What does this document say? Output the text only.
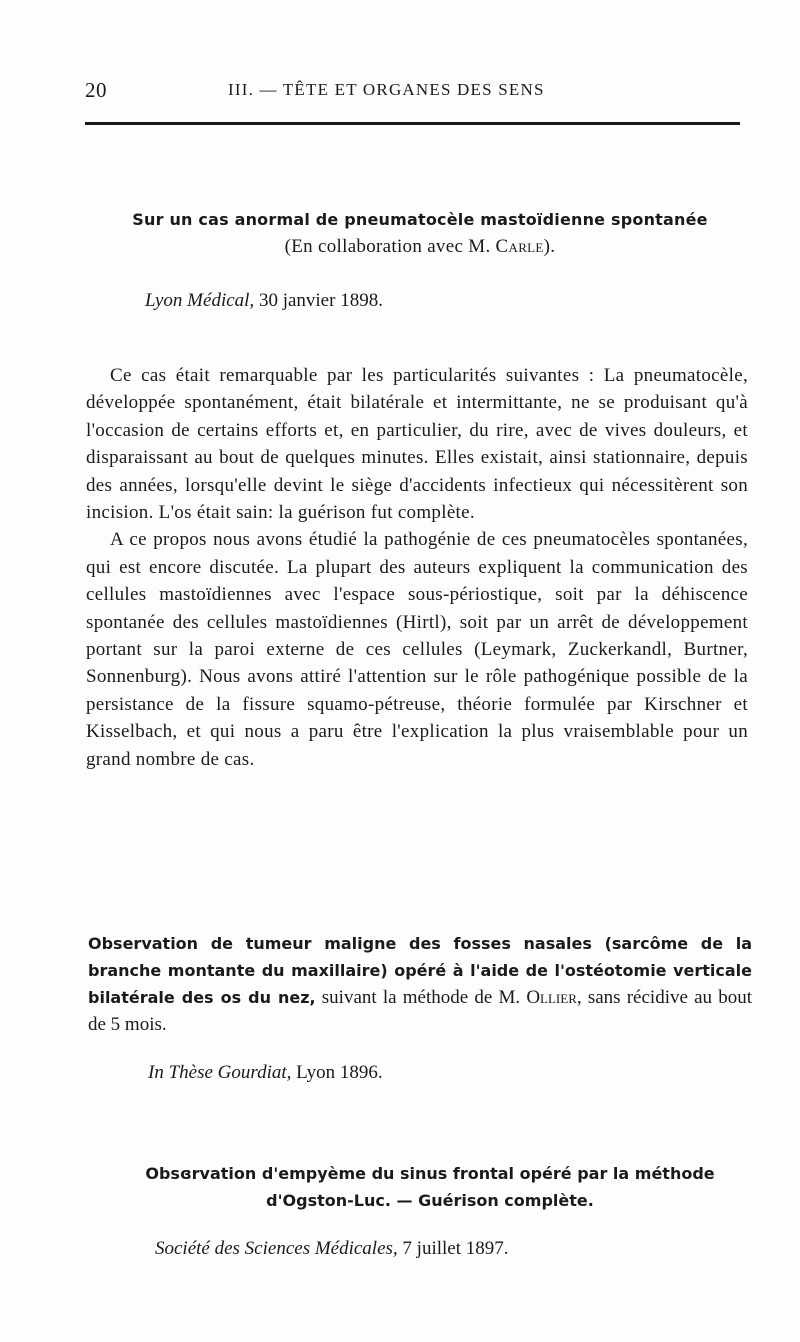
20	III. — TÊTE ET ORGANES DES SENS
Sur un cas anormal de pneumatocèle mastoïdienne spontanée
(En collaboration avec M. Carle).
Lyon Médical, 30 janvier 1898.

Ce cas était remarquable par les particularités suivantes : La pneumatocèle, développée spontanément, était bilatérale et intermittante, ne se produisant qu'à l'occasion de certains efforts et, en particulier, du rire, avec de vives douleurs, et disparaissant au bout de quelques minutes. Elles existait, ainsi stationnaire, depuis des années, lorsqu'elle devint le siège d'accidents infectieux qui nécessitèrent son incision. L'os était sain: la guérison fut complète.

A ce propos nous avons étudié la pathogénie de ces pneumatocèles spontanées, qui est encore discutée. La plupart des auteurs expliquent la communication des cellules mastoïdiennes avec l'espace sous-périostique, soit par la déhiscence spontanée des cellules mastoïdiennes (Hirtl), soit par un arrêt de développement portant sur la paroi externe de ces cellules (Leymark, Zuckerkandl, Burtner, Sonnenburg). Nous avons attiré l'attention sur le rôle pathogénique possible de la persistance de la fissure squamo-pétreuse, théorie formulée par Kirschner et Kisselbach, et qui nous a paru être l'explication la plus vraisemblable pour un grand nombre de cas.

Observation de tumeur maligne des fosses nasales (sarcôme de la branche montante du maxillaire) opéré à l'aide de l'ostéotomie verticale bilatérale des os du nez, suivant la méthode de M. Ollier, sans récidive au bout de 5 mois.
In Thèse Gourdiat, Lyon 1896.
Obsɞrvation d'empyème du sinus frontal opéré par la méthode
d'Ogston-Luc. — Guérison complète.
Société des Sciences Médicales, 7 juillet 1897.
